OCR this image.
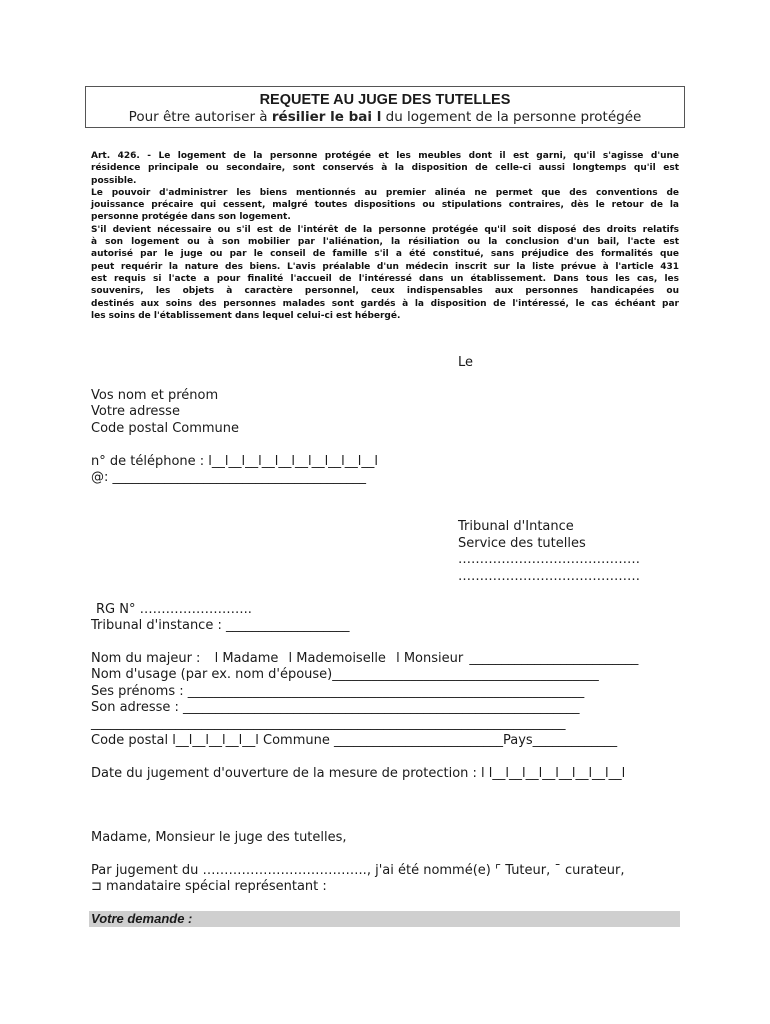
REQUETE AU JUGE DES TUTELLES
Pour être autoriser à résilier le bai l du logement de la personne protégée
Art. 426. - Le logement de la personne protégée et les meubles dont il est garni, qu'il s'agisse d'une
résidence principale ou secondaire, sont conservés à la disposition de celle-ci aussi longtemps qu'il est
possible.
Le pouvoir d'administrer les biens mentionnés au premier alinéa ne permet que des conventions de
jouissance précaire qui cessent, malgré toutes dispositions ou stipulations contraires, dès le retour de la
personne protégée dans son logement.
S'il devient nécessaire ou s'il est de l'intérêt de la personne protégée qu'il soit disposé des droits relatifs
à son logement ou à son mobilier par l'aliénation, la résiliation ou la conclusion d'un bail, l'acte est
autorisé par le juge ou par le conseil de famille s'il a été constitué, sans préjudice des formalités que
peut requérir la nature des biens. L'avis préalable d'un médecin inscrit sur la liste prévue à l'article 431
est requis si l'acte a pour finalité l'accueil de l'intéressé dans un établissement. Dans tous les cas, les
souvenirs, les objets à caractère personnel, ceux indispensables aux personnes handicapées ou
destinés aux soins des personnes malades sont gardés à la disposition de l'intéressé, le cas échéant par
les soins de l'établissement dans lequel celui-ci est hébergé.
Le
Vos nom et prénom
Votre adresse
Code postal Commune
n° de téléphone : l__l__l__l__l__l__l__l__l__l__l
@: _______________________________________
Tribunal d'Intance
Service des tutelles
……………………………………
……………………………………
RG N° ……………………..
Tribunal d'instance : ___________________
Nom du majeur : l Madame l Mademoiselle l Monsieur __________________________
Nom d'usage (par ex. nom d'épouse)_________________________________________
Ses prénoms : _____________________________________________________________
Son adresse : _____________________________________________________________
_________________________________________________________________________
Code postal l__l__l__l__l__l Commune __________________________Pays_____________
Date du jugement d'ouverture de la mesure de protection : l l__l__l__l__l__l__l__l__l
Madame, Monsieur le juge des tutelles,
Par jugement du ……………………………….., j'ai été nommé(e) ⌜ Tuteur, ¯ curateur,
⊐ mandataire spécial représentant :
Votre demande :
